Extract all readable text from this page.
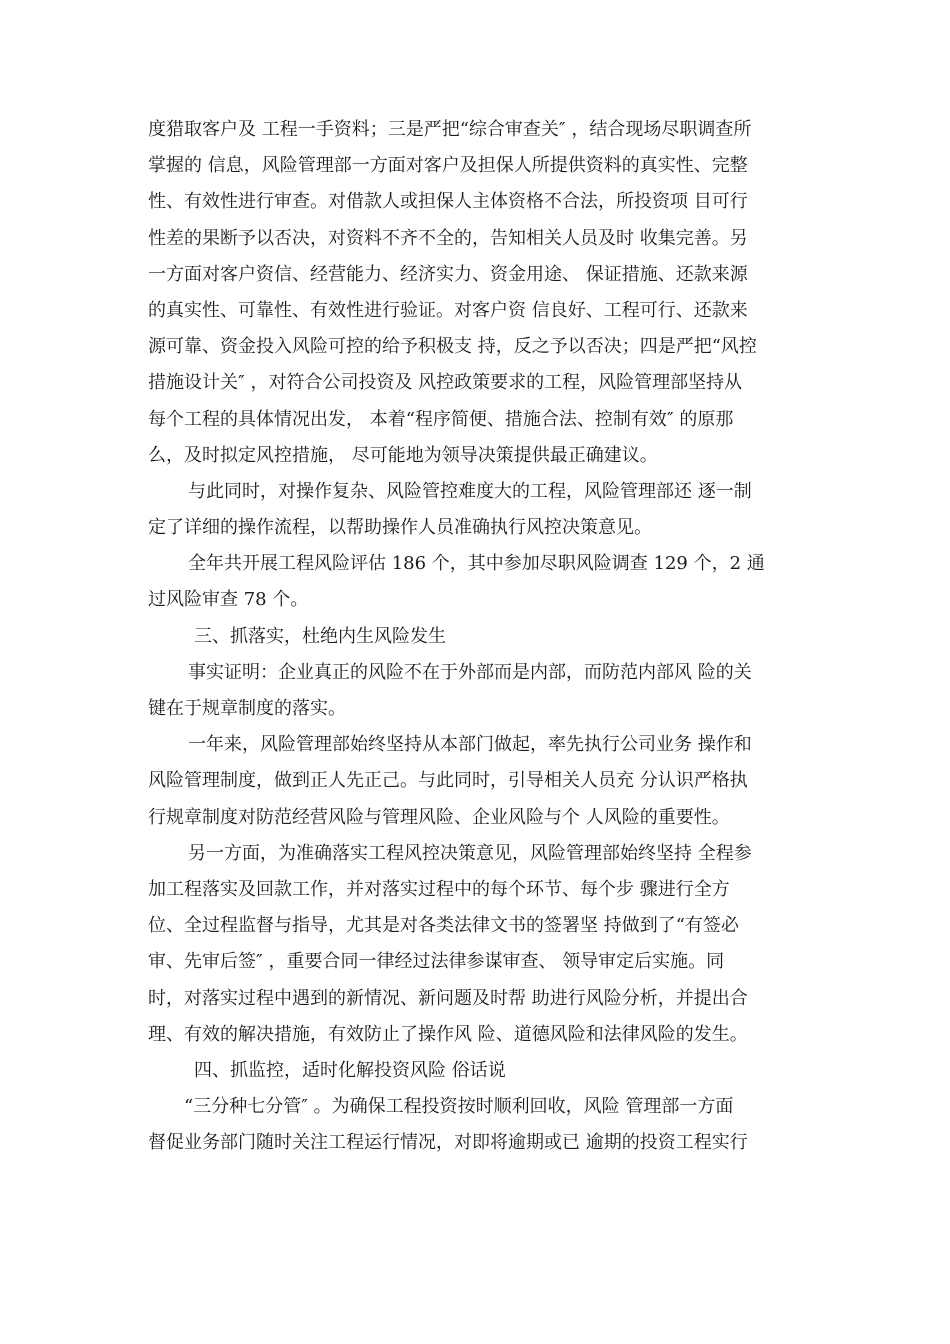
度猎取客户及 工程一手资料；三是严把“综合审查关″ ，结合现场尽职调查所
掌握的 信息，风险管理部一方面对客户及担保人所提供资料的真实性、完整
性、有效性进行审查。对借款人或担保人主体资格不合法，所投资项 目可行
性差的果断予以否决，对资料不齐不全的，告知相关人员及时 收集完善。另
一方面对客户资信、经营能力、经济实力、资金用途、 保证措施、还款来源
的真实性、可靠性、有效性进行验证。对客户资 信良好、工程可行、还款来
源可靠、资金投入风险可控的给予积极支 持，反之予以否决；四是严把“风控
措施设计关″ ，对符合公司投资及 风控政策要求的工程，风险管理部坚持从
每个工程的具体情况出发， 本着“程序简便、措施合法、控制有效″ 的原那
么，及时拟定风控措施， 尽可能地为领导决策提供最正确建议。
与此同时，对操作复杂、风险管控难度大的工程，风险管理部还 逐一制
定了详细的操作流程，以帮助操作人员准确执行风控决策意见。
全年共开展工程风险评估 186 个，其中参加尽职风险调查 129 个，2 通
过风险审查 78 个。
三、抓落实，杜绝内生风险发生
事实证明：企业真正的风险不在于外部而是内部，而防范内部风 险的关
键在于规章制度的落实。
一年来，风险管理部始终坚持从本部门做起，率先执行公司业务 操作和
风险管理制度，做到正人先正己。与此同时，引导相关人员充 分认识严格执
行规章制度对防范经营风险与管理风险、企业风险与个 人风险的重要性。
另一方面，为准确落实工程风控决策意见，风险管理部始终坚持 全程参
加工程落实及回款工作，并对落实过程中的每个环节、每个步 骤进行全方
位、全过程监督与指导，尤其是对各类法律文书的签署坚 持做到了“有签必
审、先审后签″ ，重要合同一律经过法律参谋审查、 领导审定后实施。同
时，对落实过程中遇到的新情况、新问题及时帮 助进行风险分析，并提出合
理、有效的解决措施，有效防止了操作风 险、道德风险和法律风险的发生。
四、抓监控，适时化解投资风险 俗话说
“三分种七分管″ 。为确保工程投资按时顺利回收，风险 管理部一方面
督促业务部门随时关注工程运行情况，对即将逾期或已 逾期的投资工程实行
